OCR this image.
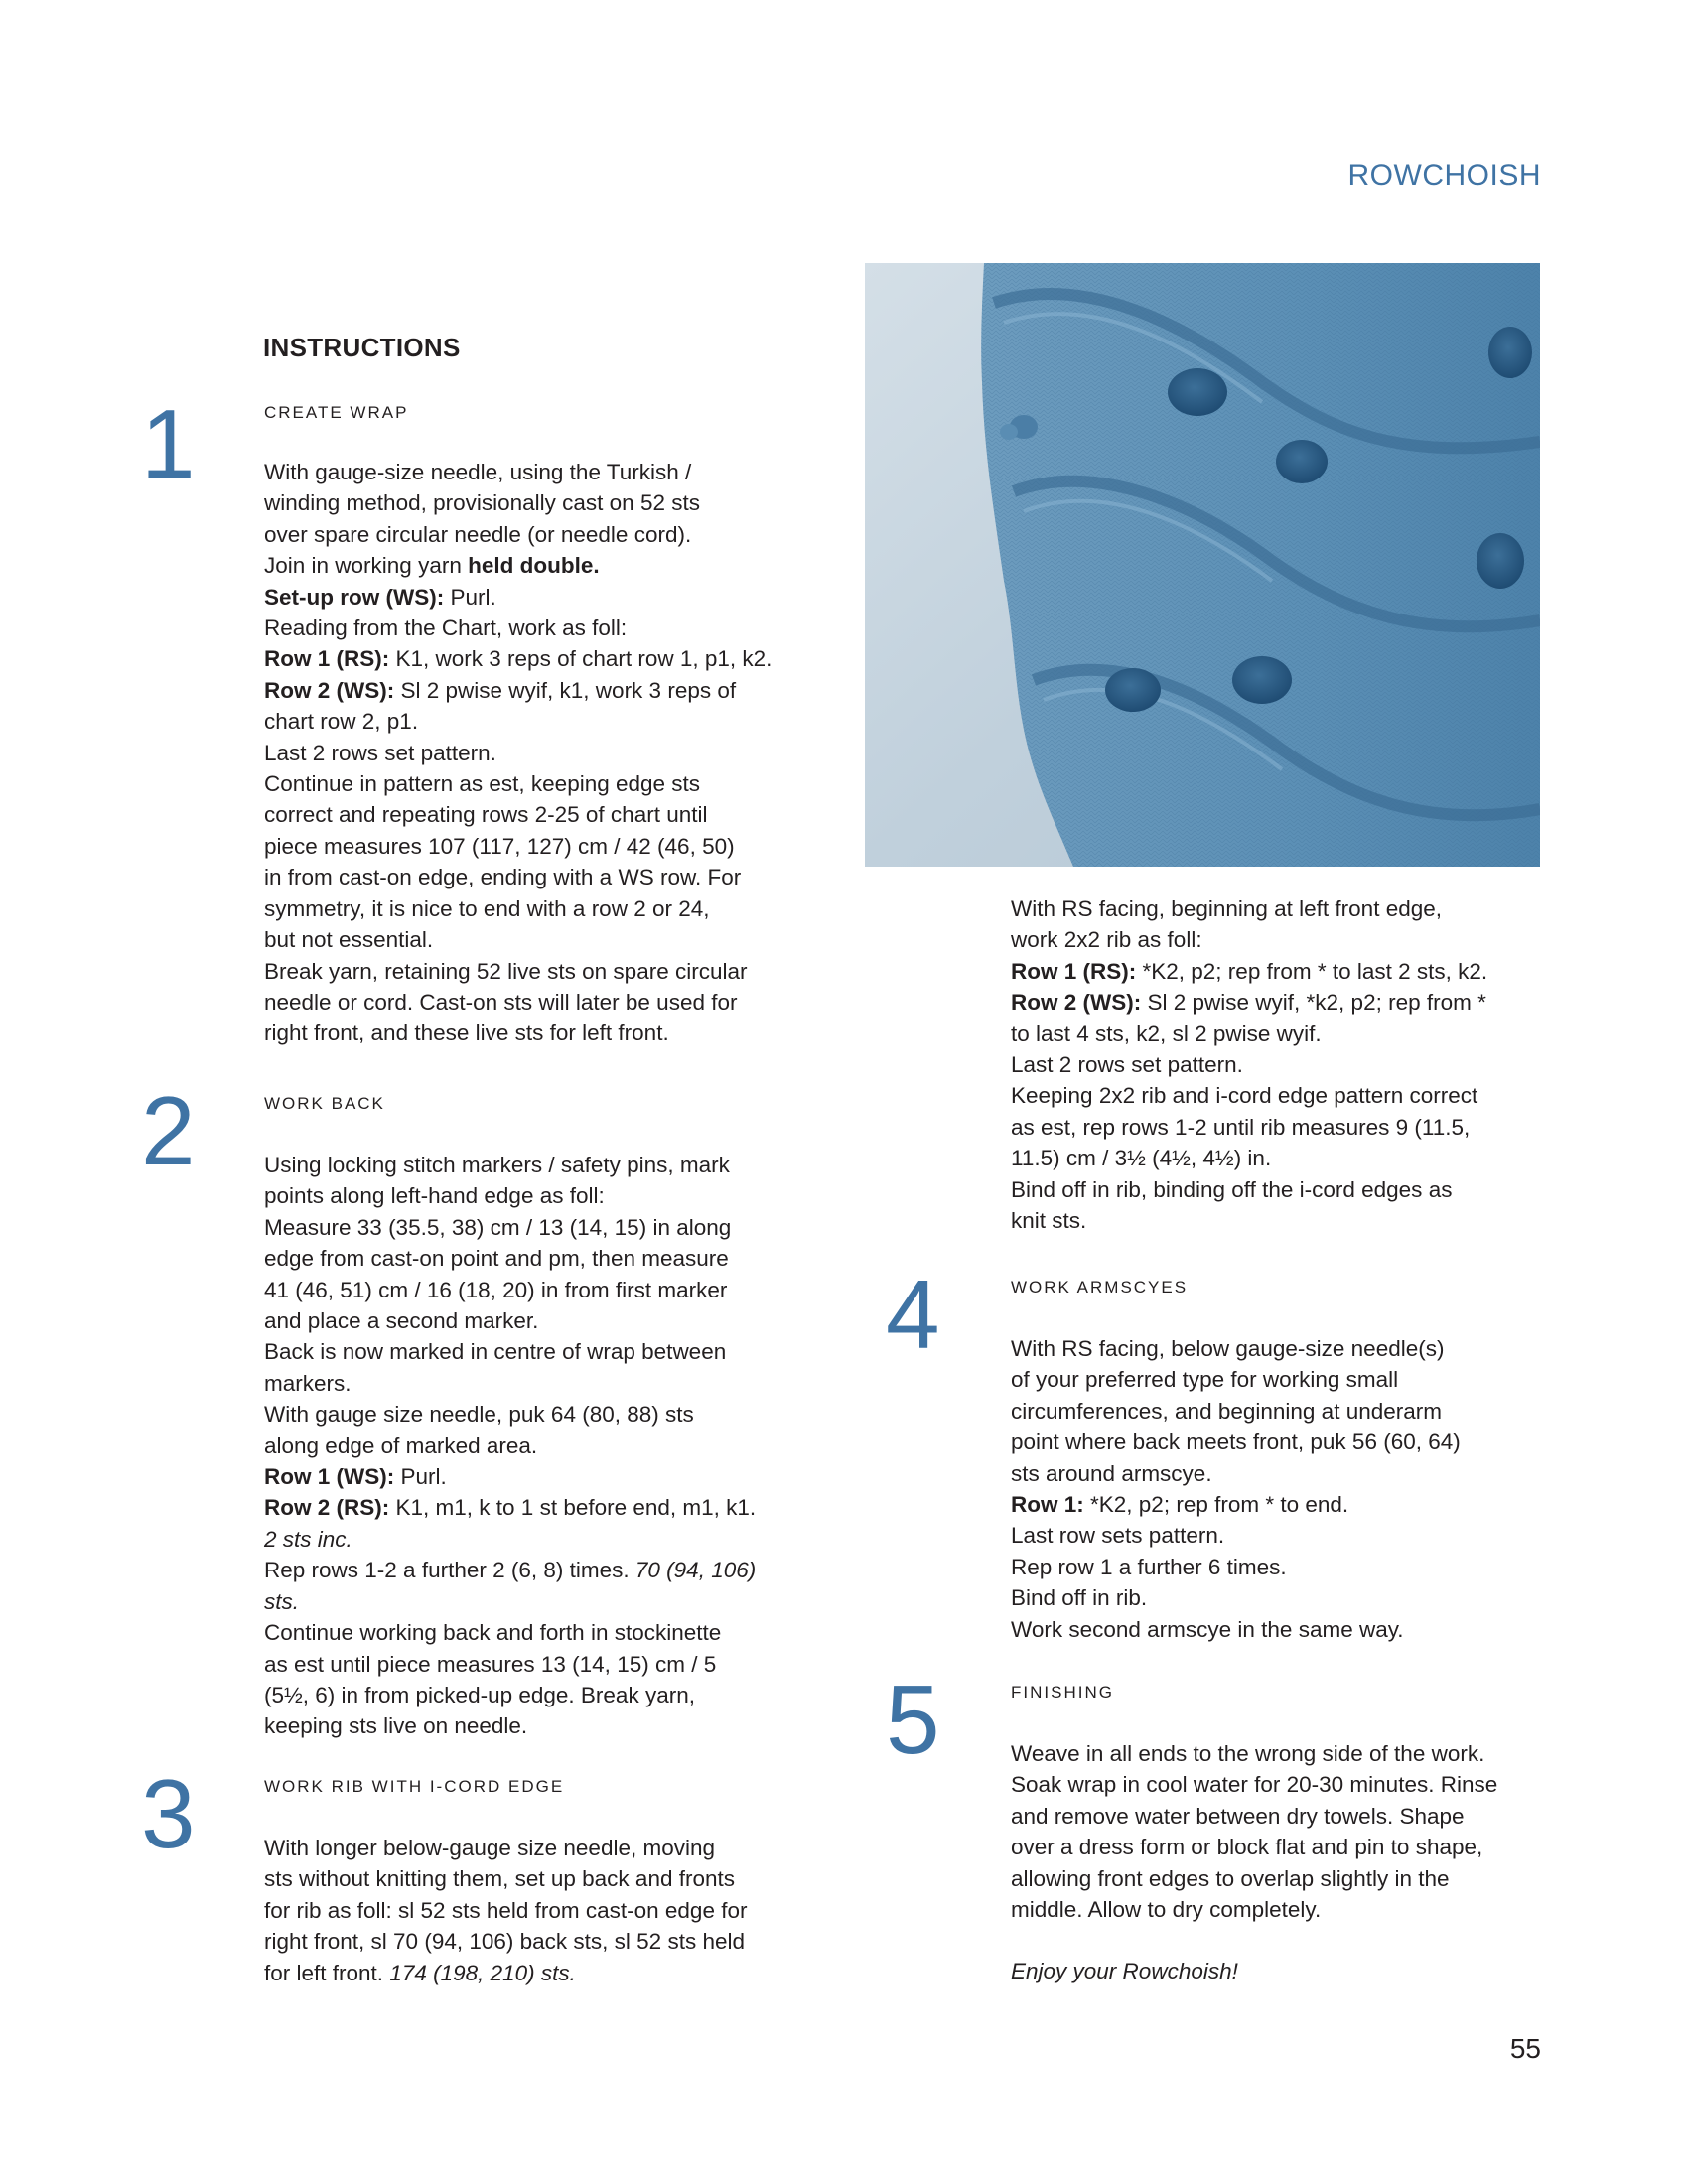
ROWCHOISH
INSTRUCTIONS
1	CREATE WRAP
With gauge-size needle, using the Turkish /
winding method, provisionally cast on 52 sts
over spare circular needle (or needle cord).
Join in working yarn held double.
Set-up row (WS): Purl.
Reading from the Chart, work as foll:
Row 1 (RS): K1, work 3 reps of chart row 1, p1, k2.
Row 2 (WS): Sl 2 pwise wyif, k1, work 3 reps of
chart row 2, p1.
Last 2 rows set pattern.
Continue in pattern as est, keeping edge sts
correct and repeating rows 2-25 of chart until
piece measures 107 (117, 127) cm / 42 (46, 50)
in from cast-on edge, ending with a WS row. For
symmetry, it is nice to end with a row 2 or 24,
but not essential.
Break yarn, retaining 52 live sts on spare circular
needle or cord. Cast-on sts will later be used for
right front, and these live sts for left front.
2	WORK BACK
Using locking stitch markers / safety pins, mark
points along left-hand edge as foll:
Measure 33 (35.5, 38) cm / 13 (14, 15) in along
edge from cast-on point and pm, then measure
41 (46, 51) cm / 16 (18, 20) in from first marker
and place a second marker.
Back is now marked in centre of wrap between
markers.
With gauge size needle, puk 64 (80, 88) sts
along edge of marked area.
Row 1 (WS): Purl.
Row 2 (RS): K1, m1, k to 1 st before end, m1, k1.
2 sts inc.
Rep rows 1-2 a further 2 (6, 8) times. 70 (94, 106)
sts.
Continue working back and forth in stockinette
as est until piece measures 13 (14, 15) cm / 5
(5½, 6) in from picked-up edge. Break yarn,
keeping sts live on needle.
3	WORK RIB WITH I-CORD EDGE
With longer below-gauge size needle, moving
sts without knitting them, set up back and fronts
for rib as foll: sl 52 sts held from cast-on edge for
right front, sl 70 (94, 106) back sts, sl 52 sts held
for left front. 174 (198, 210) sts.
With RS facing, beginning at left front edge,
work 2x2 rib as foll:
Row 1 (RS): *K2, p2; rep from * to last 2 sts, k2.
Row 2 (WS): Sl 2 pwise wyif, *k2, p2; rep from *
to last 4 sts, k2, sl 2 pwise wyif.
Last 2 rows set pattern.
Keeping 2x2 rib and i-cord edge pattern correct
as est, rep rows 1-2 until rib measures 9 (11.5,
11.5) cm / 3½ (4½, 4½) in.
Bind off in rib, binding off the i-cord edges as
knit sts.
4	WORK ARMSCYES
With RS facing, below gauge-size needle(s)
of your preferred type for working small
circumferences, and beginning at underarm
point where back meets front, puk 56 (60, 64)
sts around armscye.
Row 1: *K2, p2; rep from * to end.
Last row sets pattern.
Rep row 1 a further 6 times.
Bind off in rib.
Work second armscye in the same way.
5	FINISHING
Weave in all ends to the wrong side of the work.
Soak wrap in cool water for 20-30 minutes. Rinse
and remove water between dry towels. Shape
over a dress form or block flat and pin to shape,
allowing front edges to overlap slightly in the
middle. Allow to dry completely.
Enjoy your Rowchoish!
55
